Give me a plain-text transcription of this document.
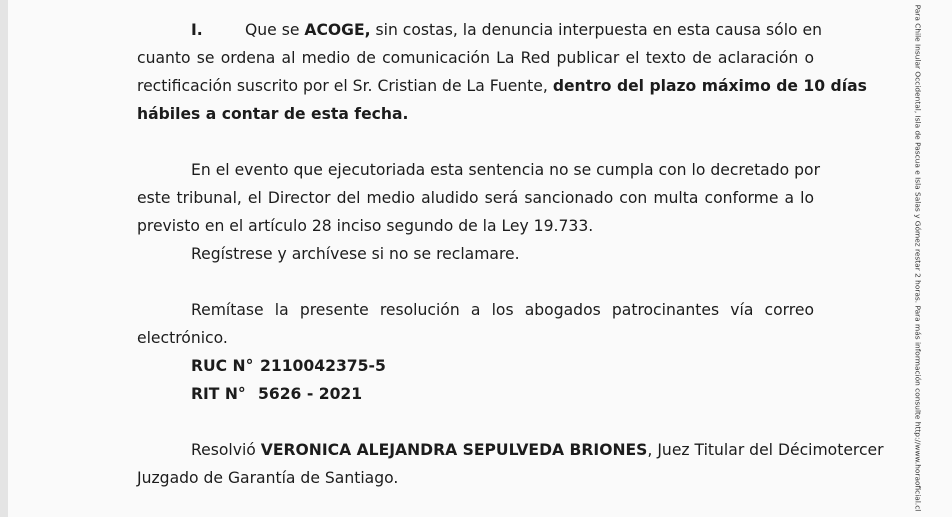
I.	Que se ACOGE, sin costas, la denuncia interpuesta en esta causa sólo en

cuanto se ordena al medio de comunicación La Red publicar el texto de aclaración o

rectificación suscrito por el Sr. Cristian de La Fuente, dentro del plazo máximo de 10 días

hábiles a contar de esta fecha.

En el evento que ejecutoriada esta sentencia no se cumpla con lo decretado por

este tribunal, el Director del medio aludido será sancionado con multa conforme a lo

previsto en el artículo 28 inciso segundo de la Ley 19.733.

Regístrese y archívese si no se reclamare.

Remítase la presente resolución a los abogados patrocinantes vía correo

electrónico.

RUC N° 2110042375-5

RIT N° 5626 - 2021

Resolvió VERONICA ALEJANDRA SEPULVEDA BRIONES, Juez Titular del Décimotercer

Juzgado de Garantía de Santiago.	Para Chile Insular Occidental, Isla de Pascua e Isla Salas y Gómez restar 2 horas. Para más información consulte http://www.horaoficial.cl
